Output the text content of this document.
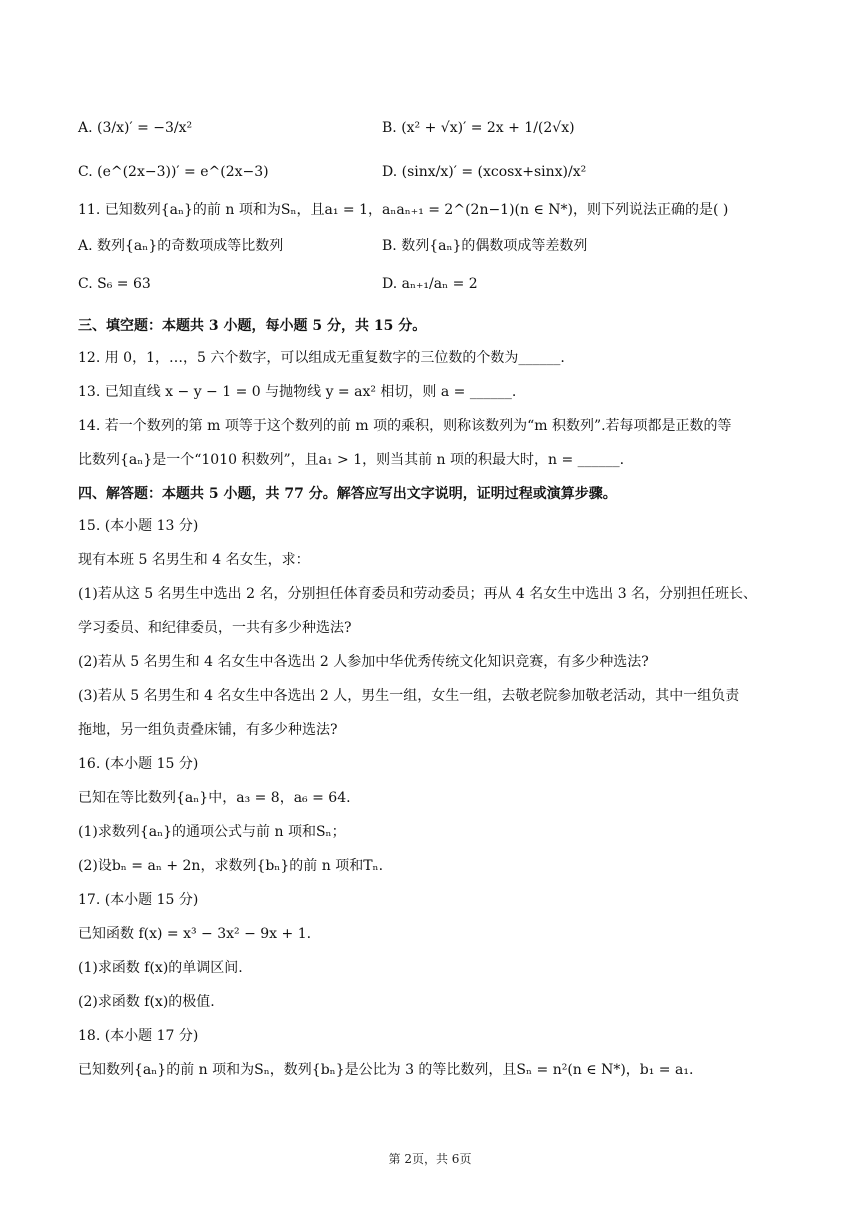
A. (3/x)′ = −3/x²	B. (x² + √x)′ = 2x + 1/(2√x)
C. (e^(2x−3))′ = e^(2x−3)	D. (sinx/x)′ = (xcosx+sinx)/x²
11. 已知数列{aₙ}的前 n 项和为Sₙ，且a₁ = 1，aₙaₙ₊₁ = 2^(2n−1)(n ∈ N*)，则下列说法正确的是( )
A. 数列{aₙ}的奇数项成等比数列	B. 数列{aₙ}的偶数项成等差数列
C. S₆ = 63	D. aₙ₊₁/aₙ = 2
三、填空题：本题共 3 小题，每小题 5 分，共 15 分。
12. 用 0，1，…，5 六个数字，可以组成无重复数字的三位数的个数为______.
13. 已知直线 x − y − 1 = 0 与抛物线 y = ax² 相切，则 a = ______.
14. 若一个数列的第 m 项等于这个数列的前 m 项的乘积，则称该数列为“m 积数列”.若每项都是正数的等
比数列{aₙ}是一个“1010 积数列”，且a₁ > 1，则当其前 n 项的积最大时，n = ______.
四、解答题：本题共 5 小题，共 77 分。解答应写出文字说明，证明过程或演算步骤。
15. (本小题 13 分)
现有本班 5 名男生和 4 名女生，求：
(1)若从这 5 名男生中选出 2 名，分别担任体育委员和劳动委员；再从 4 名女生中选出 3 名，分别担任班长、
学习委员、和纪律委员，一共有多少种选法?
(2)若从 5 名男生和 4 名女生中各选出 2 人参加中华优秀传统文化知识竞赛，有多少种选法?
(3)若从 5 名男生和 4 名女生中各选出 2 人，男生一组，女生一组，去敬老院参加敬老活动，其中一组负责
拖地，另一组负责叠床铺，有多少种选法?
16. (本小题 15 分)
已知在等比数列{aₙ}中，a₃ = 8，a₆ = 64.
(1)求数列{aₙ}的通项公式与前 n 项和Sₙ；
(2)设bₙ = aₙ + 2n，求数列{bₙ}的前 n 项和Tₙ.
17. (本小题 15 分)
已知函数 f(x) = x³ − 3x² − 9x + 1.
(1)求函数 f(x)的单调区间.
(2)求函数 f(x)的极值.
18. (本小题 17 分)
已知数列{aₙ}的前 n 项和为Sₙ，数列{bₙ}是公比为 3 的等比数列，且Sₙ = n²(n ∈ N*)，b₁ = a₁.
第 2页，共 6页
